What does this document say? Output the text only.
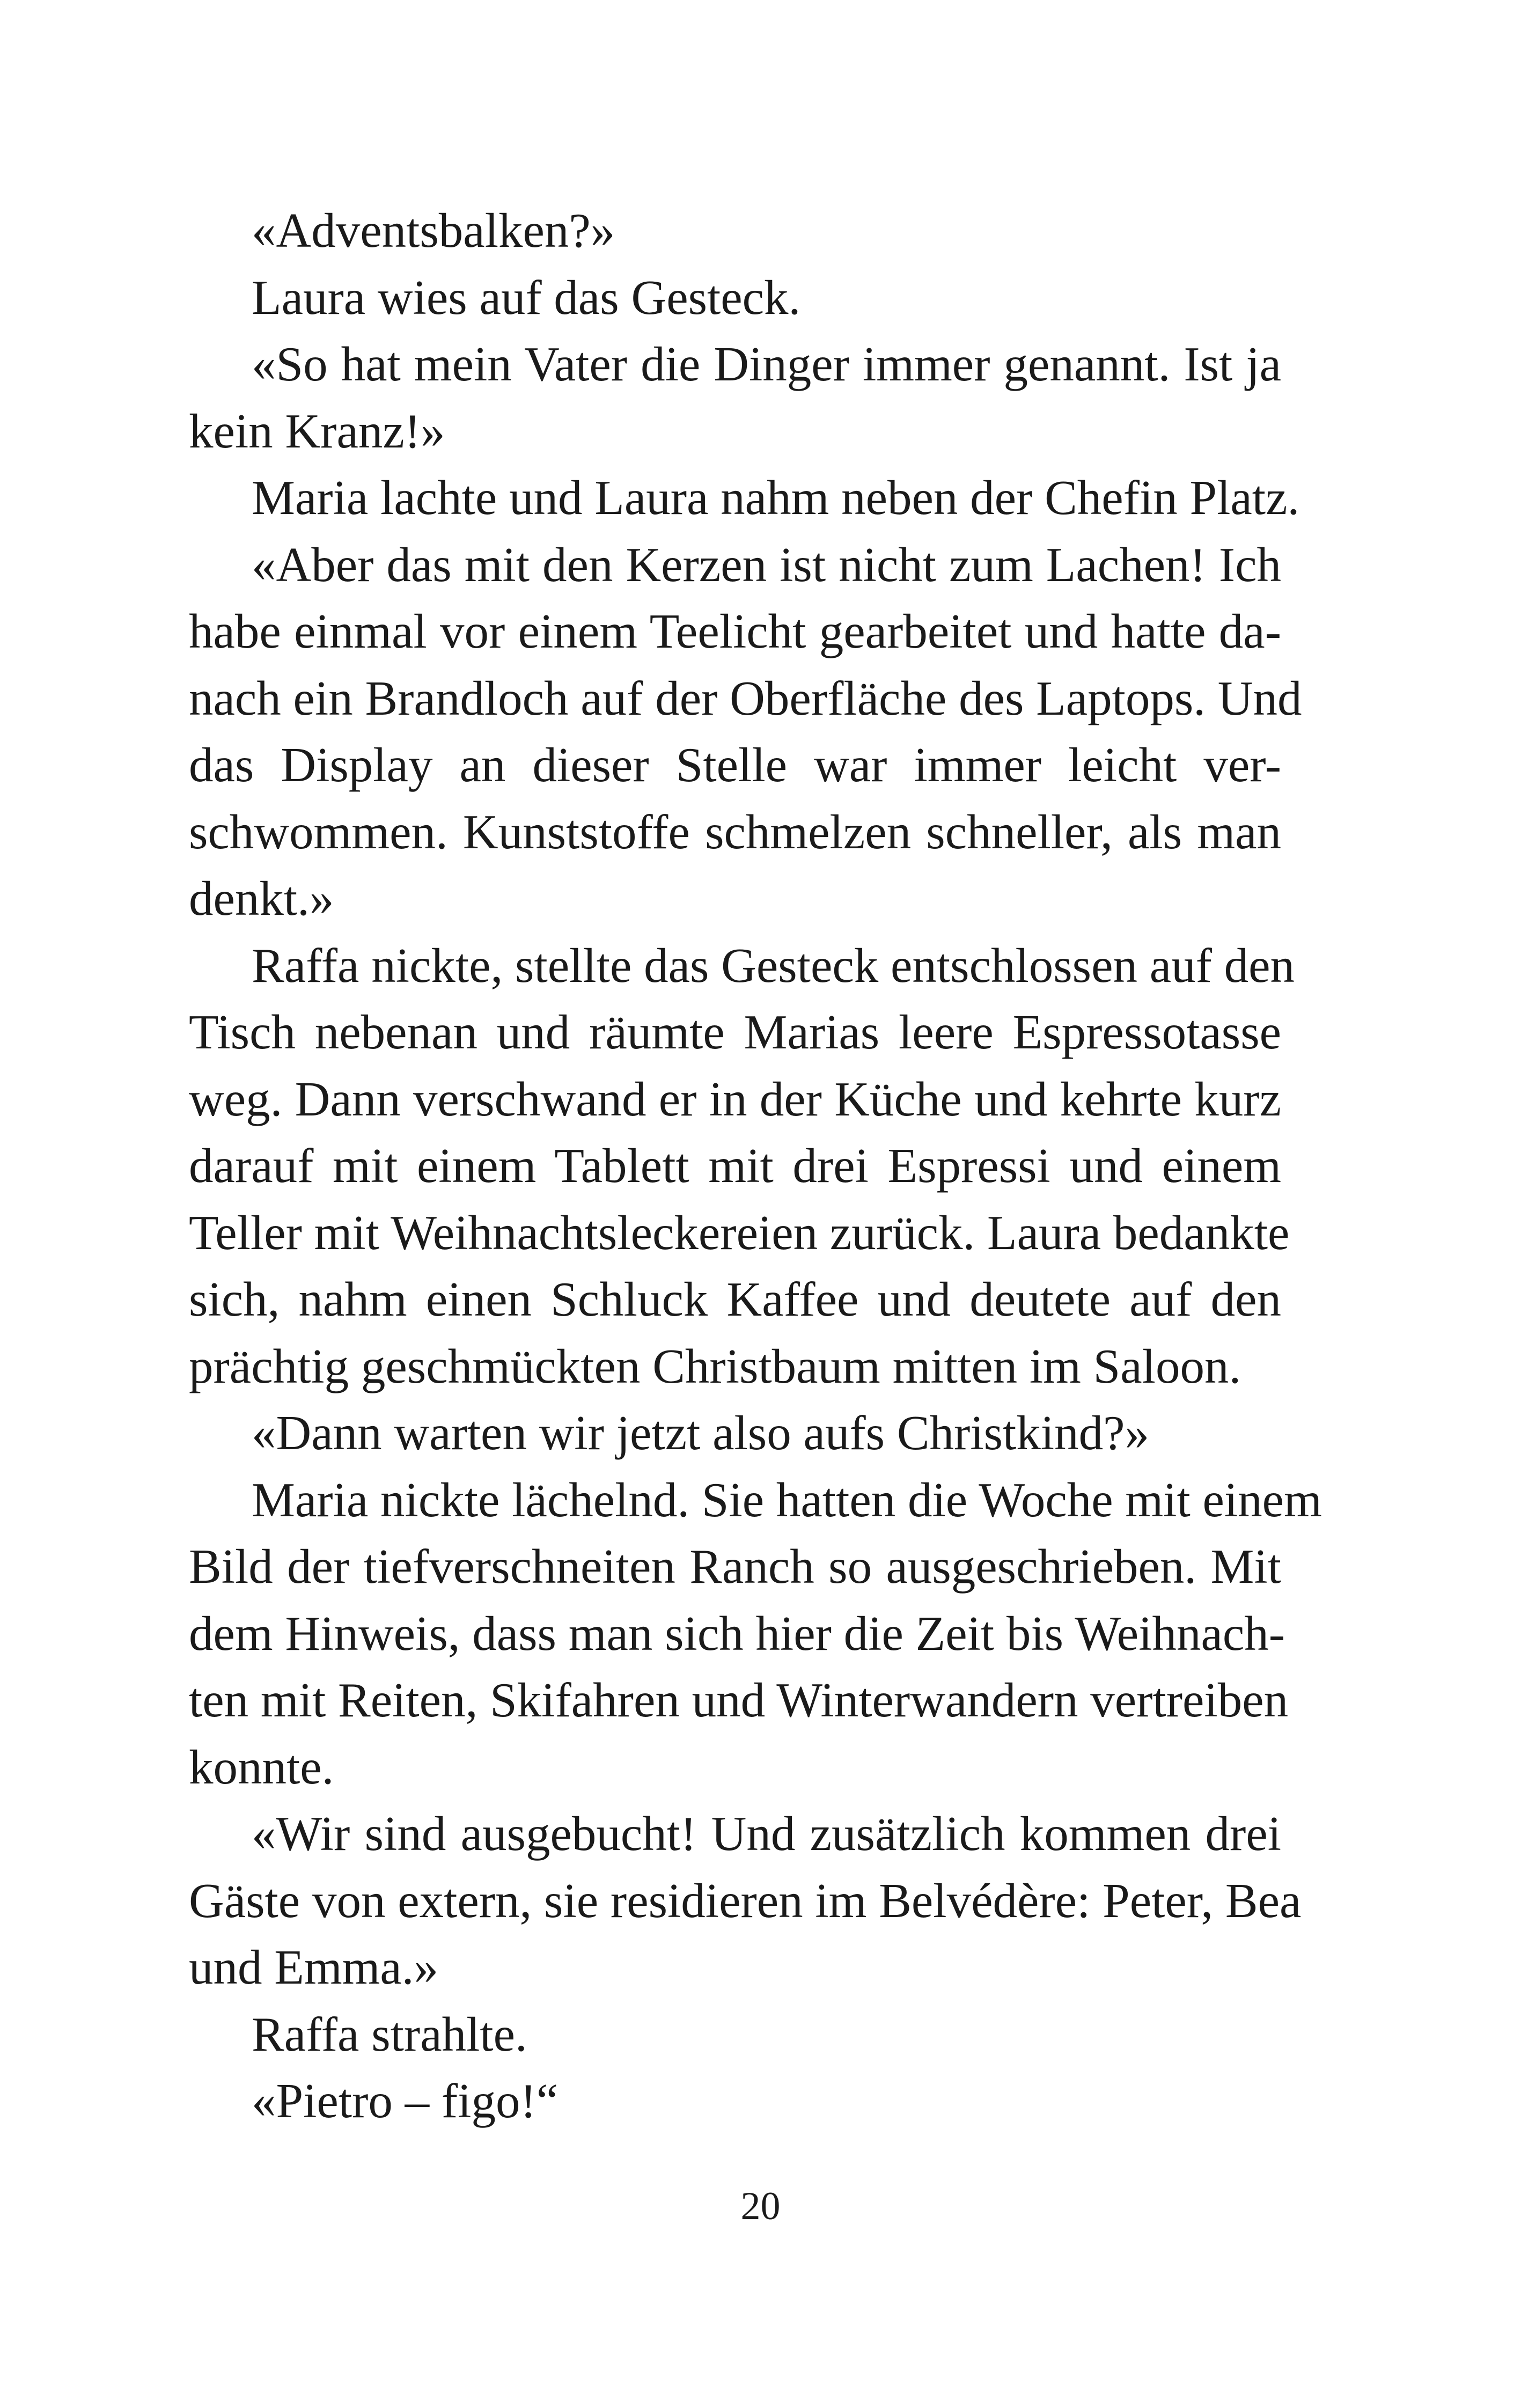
«Adventsbalken?»
Laura wies auf das Gesteck.
«So hat mein Vater die Dinger immer genannt. Ist ja
kein Kranz!»
Maria lachte und Laura nahm neben der Chefin Platz.
«Aber das mit den Kerzen ist nicht zum Lachen! Ich
habe einmal vor einem Teelicht gearbeitet und hatte da-
nach ein Brandloch auf der Oberfläche des Laptops. Und
das Display an dieser Stelle war immer leicht ver-
schwommen. Kunststoffe schmelzen schneller, als man
denkt.»
Raffa nickte, stellte das Gesteck entschlossen auf den
Tisch nebenan und räumte Marias leere Espressotasse
weg. Dann verschwand er in der Küche und kehrte kurz
darauf mit einem Tablett mit drei Espressi und einem
Teller mit Weihnachtsleckereien zurück. Laura bedankte
sich, nahm einen Schluck Kaffee und deutete auf den
prächtig geschmückten Christbaum mitten im Saloon.
«Dann warten wir jetzt also aufs Christkind?»
Maria nickte lächelnd. Sie hatten die Woche mit einem
Bild der tiefverschneiten Ranch so ausgeschrieben. Mit
dem Hinweis, dass man sich hier die Zeit bis Weihnach-
ten mit Reiten, Skifahren und Winterwandern vertreiben
konnte.
«Wir sind ausgebucht! Und zusätzlich kommen drei
Gäste von extern, sie residieren im Belvédère: Peter, Bea
und Emma.»
Raffa strahlte.
«Pietro – figo!“
20
